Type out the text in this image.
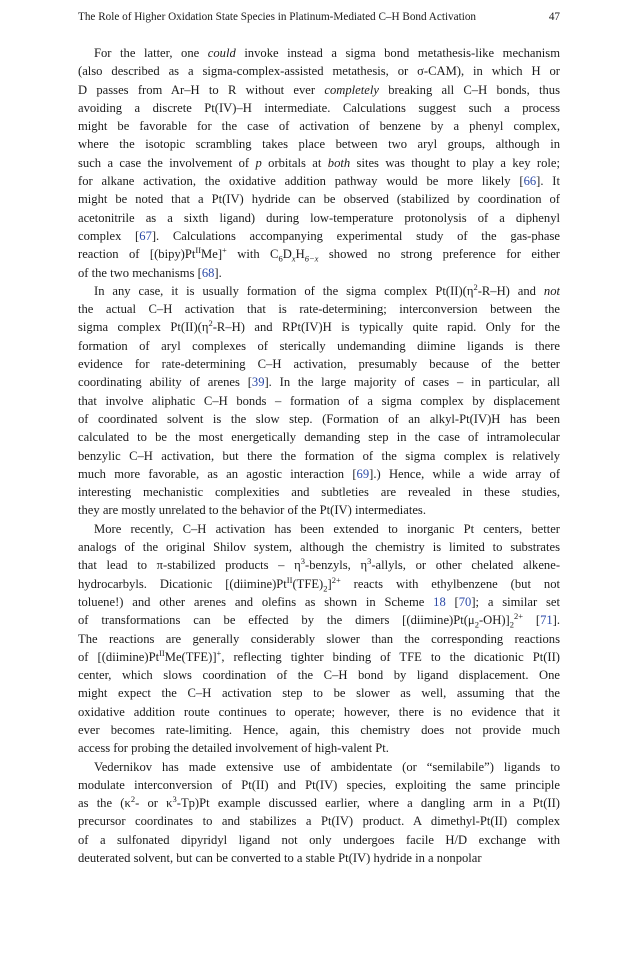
The Role of Higher Oxidation State Species in Platinum-Mediated C–H Bond Activation	47
For the latter, one could invoke instead a sigma bond metathesis-like mechanism
(also described as a sigma-complex-assisted metathesis, or σ-CAM), in which H or
D passes from Ar–H to R without ever completely breaking all C–H bonds, thus
avoiding a discrete Pt(IV)–H intermediate. Calculations suggest such a process
might be favorable for the case of activation of benzene by a phenyl complex,
where the isotopic scrambling takes place between two aryl groups, although in
such a case the involvement of p orbitals at both sites was thought to play a key role;
for alkane activation, the oxidative addition pathway would be more likely [66]. It
might be noted that a Pt(IV) hydride can be observed (stabilized by coordination of
acetonitrile as a sixth ligand) during low-temperature protonolysis of a diphenyl
complex [67]. Calculations accompanying experimental study of the gas-phase
reaction of $[(bipy)Pt^{II}Me]^+$ with $C_6D_xH_{6-x}$ showed no strong preference for either
of the two mechanisms [68].
In any case, it is usually formation of the sigma complex $Pt(II)(\eta^2-R-H)$ and not
the actual C–H activation that is rate-determining; interconversion between the
sigma complex $Pt(II)(\eta^2-R-H)$ and RPt(IV)H is typically quite rapid. Only for the
formation of aryl complexes of sterically undemanding diimine ligands is there
evidence for rate-determining C–H activation, presumably because of the better
coordinating ability of arenes [39]. In the large majority of cases – in particular, all
that involve aliphatic C–H bonds – formation of a sigma complex by displacement
of coordinated solvent is the slow step. (Formation of an alkyl-Pt(IV)H has been
calculated to be the most energetically demanding step in the case of intramolecular
benzylic C–H activation, but there the formation of the sigma complex is relatively
much more favorable, as an agostic interaction [69].) Hence, while a wide array of
interesting mechanistic complexities and subtleties are revealed in these studies,
they are mostly unrelated to the behavior of the Pt(IV) intermediates.
More recently, C–H activation has been extended to inorganic Pt centers, better
analogs of the original Shilov system, although the chemistry is limited to substrates
that lead to π-stabilized products – $\eta^3$-benzyls, $\eta^3$-allyls, or other chelated alkene-
hydrocarbyls. Dicationic $[(diimine)Pt^{II}(TFE)_2]^{2+}$ reacts with ethylbenzene (but not
toluene!) and other arenes and olefins as shown in Scheme 18 [70]; a similar set
of transformations can be effected by the dimers $[(diimine)Pt(\mu_2-OH)]_2^{2+}$ [71].
The reactions are generally considerably slower than the corresponding reactions
of $[(diimine)Pt^{II}Me(TFE)]^+$, reflecting tighter binding of TFE to the dicationic Pt(II)
center, which slows coordination of the C–H bond by ligand displacement. One
might expect the C–H activation step to be slower as well, assuming that the
oxidative addition route continues to operate; however, there is no evidence that it
ever becomes rate-limiting. Hence, again, this chemistry does not provide much
access for probing the detailed involvement of high-valent Pt.
Vedernikov has made extensive use of ambidentate (or “semilabile”) ligands to
modulate interconversion of Pt(II) and Pt(IV) species, exploiting the same principle
as the ($\kappa^2-$ or $\kappa^3-Tp)Pt$ example discussed earlier, where a dangling arm in a Pt(II)
precursor coordinates to and stabilizes a Pt(IV) product. A dimethyl-Pt(II) complex
of a sulfonated dipyridyl ligand not only undergoes facile H/D exchange with
deuterated solvent, but can be converted to a stable Pt(IV) hydride in a nonpolar
